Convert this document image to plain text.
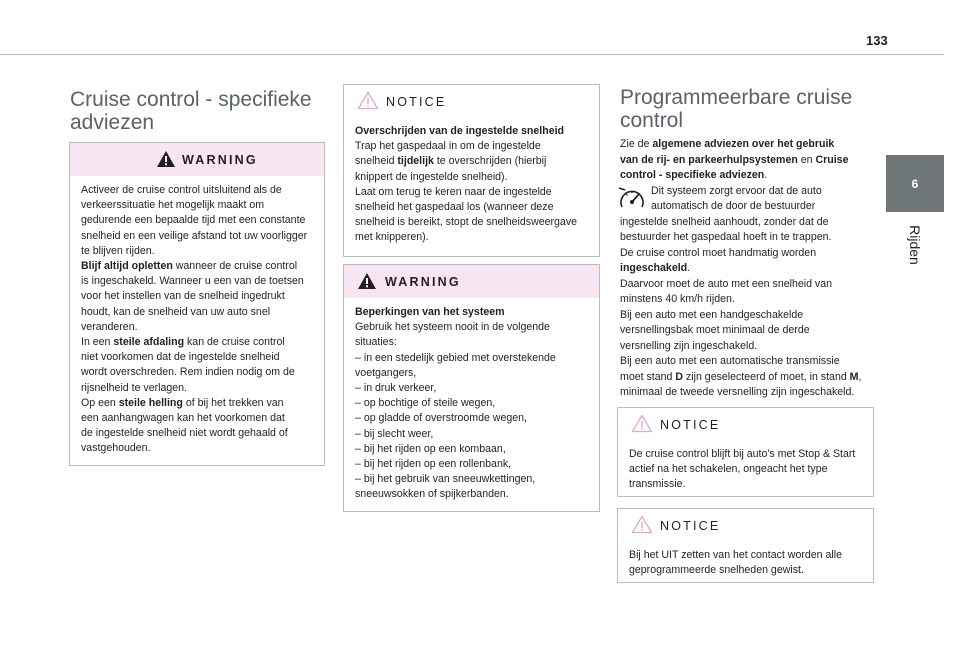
133
6
Rijden
Cruise control - specifieke
adviezen
WARNING

Activeer de cruise control uitsluitend als de
verkeerssituatie het mogelijk maakt om
gedurende een bepaalde tijd met een constante
snelheid en een veilige afstand tot uw voorligger
te blijven rijden.

Blijf altijd opletten wanneer de cruise control
is ingeschakeld. Wanneer u een van de toetsen
voor het instellen van de snelheid ingedrukt
houdt, kan de snelheid van uw auto snel
veranderen.

In een steile afdaling kan de cruise control
niet voorkomen dat de ingestelde snelheid
wordt overschreden. Rem indien nodig om de
rijsnelheid te verlagen.

Op een steile helling of bij het trekken van
een aanhangwagen kan het voorkomen dat
de ingestelde snelheid niet wordt gehaald of
vastgehouden.

NOTICE

Overschrijden van de ingestelde snelheid
Trap het gaspedaal in om de ingestelde
snelheid tijdelijk te overschrijden (hierbij
knippert de ingestelde snelheid).
Laat om terug te keren naar de ingestelde
snelheid het gaspedaal los (wanneer deze
snelheid is bereikt, stopt de snelheidsweergave
met knipperen).

WARNING

Beperkingen van het systeem
Gebruik het systeem nooit in de volgende
situaties:
– in een stedelijk gebied met overstekende
voetgangers,
– in druk verkeer,
– op bochtige of steile wegen,
– op gladde of overstroomde wegen,
– bij slecht weer,
– bij het rijden op een kombaan,
– bij het rijden op een rollenbank,
– bij het gebruik van sneeuwkettingen,
sneeuwsokken of spijkerbanden.

Programmeerbare cruise
control

Zie de algemene adviezen over het gebruik
van de rij- en parkeerhulpsystemen en Cruise
control - specifieke adviezen.

Dit systeem zorgt ervoor dat de auto
automatisch de door de bestuurder
ingestelde snelheid aanhoudt, zonder dat de
bestuurder het gaspedaal hoeft in te trappen.
De cruise control moet handmatig worden
ingeschakeld.
Daarvoor moet de auto met een snelheid van
minstens 40 km/h rijden.
Bij een auto met een handgeschakelde
versnellingsbak moet minimaal de derde
versnelling zijn ingeschakeld.
Bij een auto met een automatische transmissie
moet stand D zijn geselecteerd of moet, in stand M,
minimaal de tweede versnelling zijn ingeschakeld.

NOTICE

De cruise control blijft bij auto's met Stop & Start
actief na het schakelen, ongeacht het type
transmissie.

NOTICE

Bij het UIT zetten van het contact worden alle
geprogrammeerde snelheden gewist.
